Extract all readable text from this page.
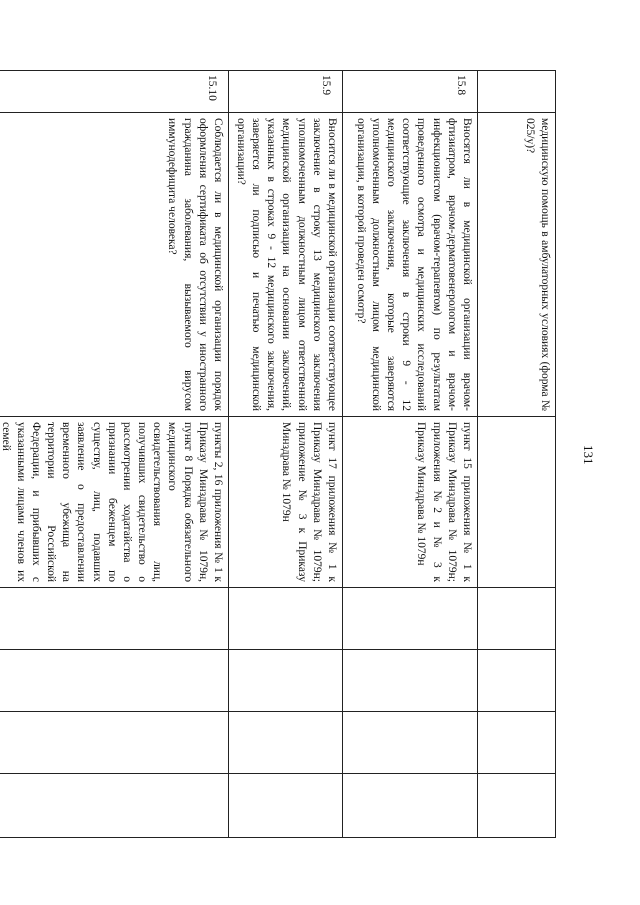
131
	медицинскую помощь в амбулаторных условиях (форма № 025/у)?					
15.8	Вносятся ли в медицинской организации врачом-фтизиатром, врачом-дерматовенерологом и врачом-инфекционистом (врачом-терапевтом) по результатам проведенного осмотра и медицинских исследований соответствующие заключения в строки 9 - 12 медицинского заключения, которые заверяются уполномоченным должностным лицом медицинской организации, в которой проведен осмотр?	пункт 15 приложения № 1 к Приказу Минздрава № 1079н; приложения №2 и № 3 к Приказу Минздрава № 1079н				
15.9	Вносится ли в медицинской организации соответствующее заключение в строку 13 медицинского заключения уполномоченным должностным лицом ответственной медицинской организации на основании заключений, указанных в строках 9 - 12 медицинского заключения, заверяется ли подписью и печатью медицинской организации?	пункт 17 приложения № 1 к Приказу Минздрава № 1079н; приложение № 3 к Приказу Минздрава № 1079н				
15.10	Соблюдается ли в медицинской организации порядок оформления сертификата об отсутствии у иностранного гражданина заболевания, вызываемого вирусом иммунодефицита человека?	пункты 2, 16 приложения № 1 к Приказу Минздрава № 1079н, пункт 8 Порядка обязательного медицинского освидетельствования лиц, получивших свидетельство о рассмотрении ходатайства о признании беженцем по существу, лиц, подавших заявление о предоставлении временного убежища на территории Российской Федерации, и прибывших с указанными лицами членов их семей				
